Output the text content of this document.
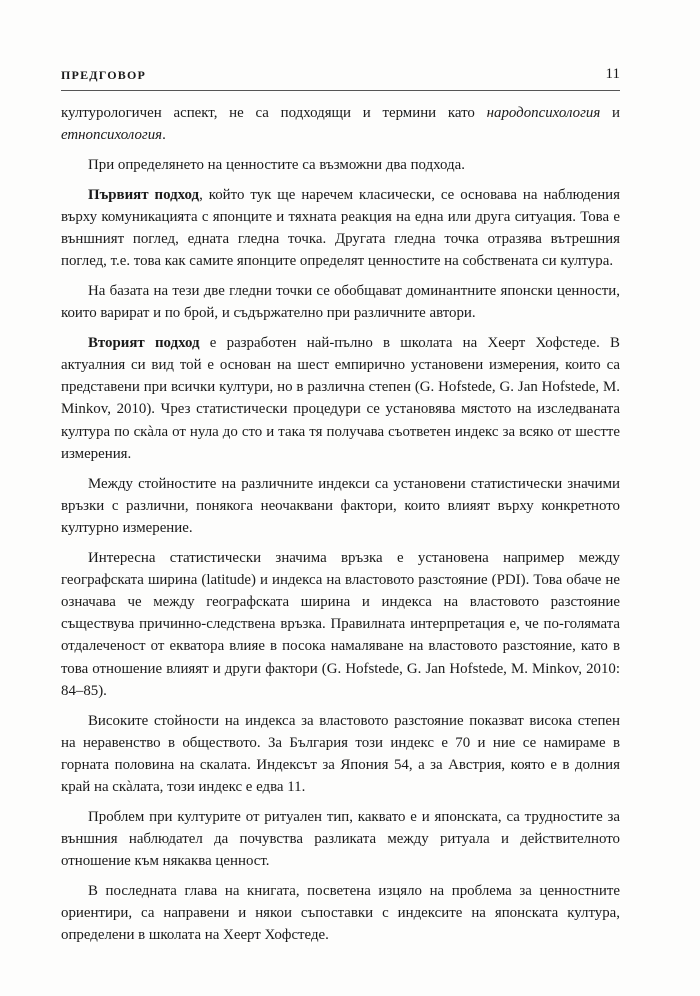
ПРЕДГОВОР	11

културологичен аспект, не са подходящи и термини като народопсихология и етнопсихология.

При определянето на ценностите са възможни два подхода.

Първият подход, който тук ще наречем класически, се основава на наблюдения върху комуникацията с японците и тяхната реакция на една или друга ситуация. Това е външният поглед, едната гледна точка. Другата гледна точка отразява вътрешния поглед, т.е. това как самите японците определят ценностите на собствената си култура.

На базата на тези две гледни точки се обобщават доминантните японски ценности, които варират и по брой, и съдържателно при различните автори.

Вторият подход е разработен най-пълно в школата на Хеерт Хофстеде. В актуалния си вид той е основан на шест емпирично установени измерения, които са представени при всички култури, но в различна степен (G. Hofstede, G. Jan Hofstede, M. Minkov, 2010). Чрез статистически процедури се установява мястото на изследваната култура по скàла от нула до сто и така тя получава съответен индекс за всяко от шестте измерения.

Между стойностите на различните индекси са установени статистически значими връзки с различни, понякога неочаквани фактори, които влияят върху конкретното културно измерение.

Интересна статистически значима връзка е установена например между географската ширина (latitude) и индекса на властовото разстояние (PDI). Това обаче не означава че между географската ширина и индекса на властовото разстояние съществува причинно-следствена връзка. Правилната интерпретация е, че по-голямата отдалеченост от екватора влияе в посока намаляване на властовото разстояние, като в това отношение влияят и други фактори (G. Hofstede, G. Jan Hofstede, M. Minkov, 2010: 84–85).

Високите стойности на индекса за властовото разстояние показват висока степен на неравенство в обществото. За България този индекс е 70 и ние се намираме в горната половина на скалата. Индексът за Япония 54, а за Австрия, която е в долния край на скàлата, този индекс е едва 11.

Проблем при културите от ритуален тип, каквато е и японската, са трудностите за външния наблюдател да почувства разликата между ритуала и действителното отношение към някаква ценност.

В последната глава на книгата, посветена изцяло на проблема за ценностните ориентири, са направени и някои съпоставки с индексите на японската култура, определени в школата на Хеерт Хофстеде.
